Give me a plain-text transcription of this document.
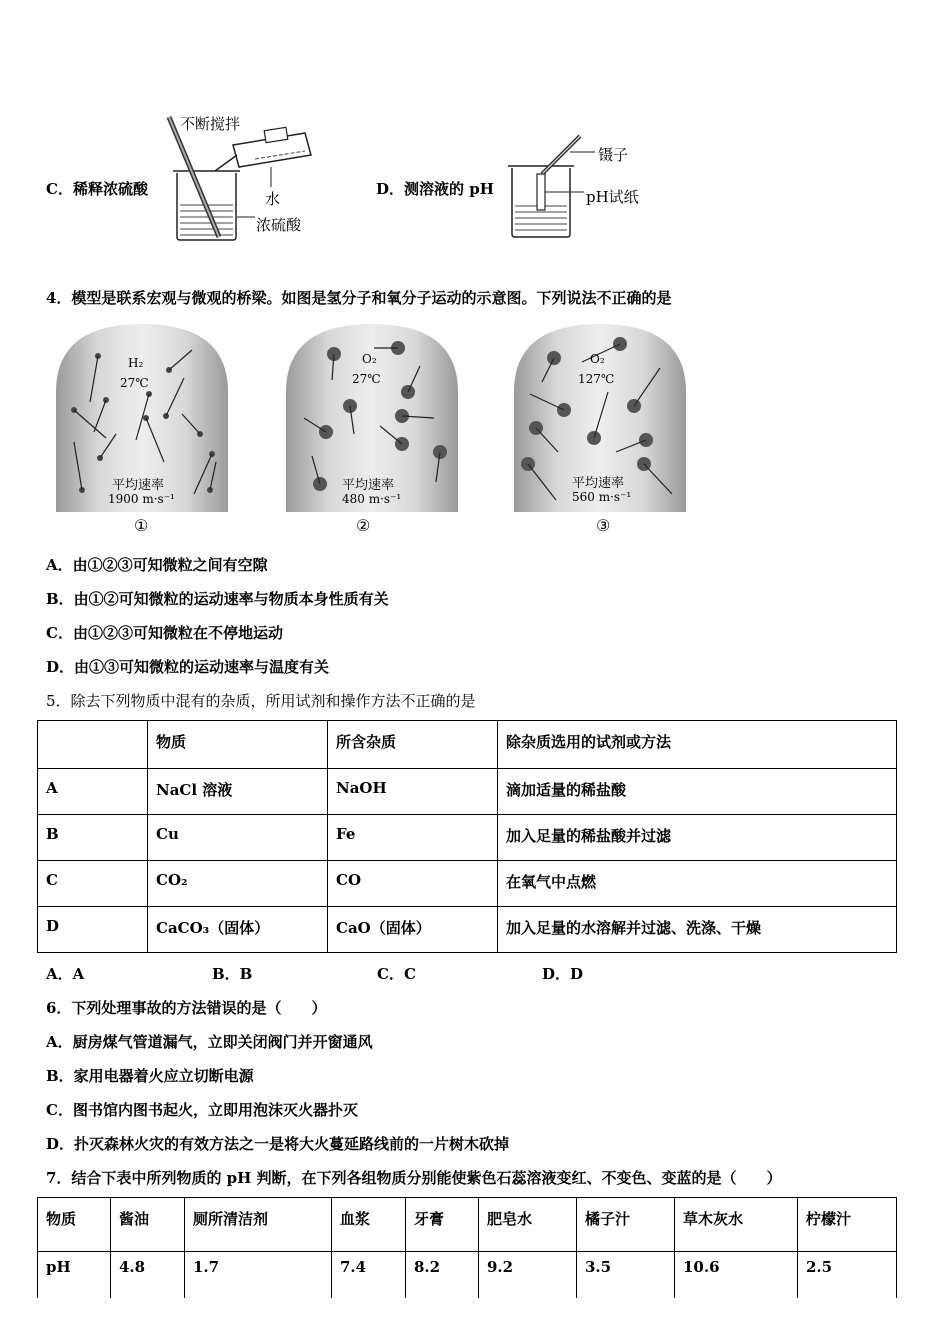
C．稀释浓硫酸
不断搅拌
水
浓硫酸
D．测溶液的 pH
镊子
pH试纸
4．模型是联系宏观与微观的桥梁。如图是氢分子和氧分子运动的示意图。下列说法不正确的是
H₂
27℃
平均速率
1900 m·s⁻¹
①
O₂
27℃
平均速率
480 m·s⁻¹
②
O₂
127℃
平均速率
560 m·s⁻¹
③
A．由①②③可知微粒之间有空隙
B．由①②可知微粒的运动速率与物质本身性质有关
C．由①②③可知微粒在不停地运动
D．由①③可知微粒的运动速率与温度有关
5．除去下列物质中混有的杂质，所用试剂和操作方法不正确的是
	物质	所含杂质	除杂质选用的试剂或方法
A	NaCl 溶液	NaOH	滴加适量的稀盐酸
B	Cu	Fe	加入足量的稀盐酸并过滤
C	CO₂	CO	在氧气中点燃
D	CaCO₃（固体）	CaO（固体）	加入足量的水溶解并过滤、洗涤、干燥
A．A	B．B	C．C	D．D
6．下列处理事故的方法错误的是（　　）
A．厨房煤气管道漏气，立即关闭阀门并开窗通风
B．家用电器着火应立切断电源
C．图书馆内图书起火，立即用泡沫灭火器扑灭
D．扑灭森林火灾的有效方法之一是将大火蔓延路线前的一片树木砍掉
7．结合下表中所列物质的 pH 判断，在下列各组物质分别能使紫色石蕊溶液变红、不变色、变蓝的是（　　）
物质	酱油	厕所清洁剂	血浆	牙膏	肥皂水	橘子汁	草木灰水	柠檬汁
pH	4.8	1.7	7.4	8.2	9.2	3.5	10.6	2.5
